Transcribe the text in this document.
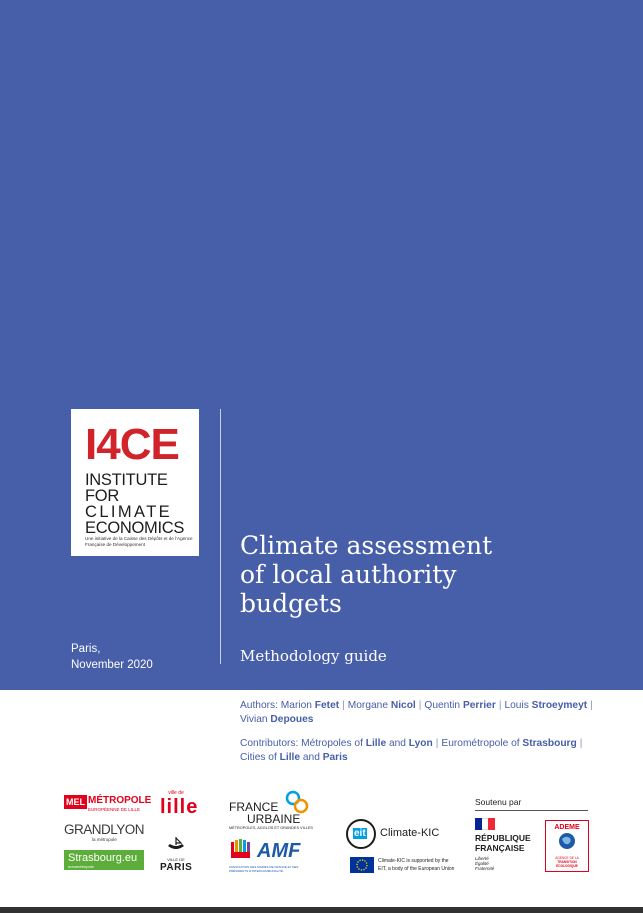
I4CE
INSTITUTE FOR
CLIMATE
ECONOMICS
Une initiative de la Caisse des Dépôts et de l'Agence Française de Développement
Paris,
November 2020
Climate assessment
of local authority
budgets
Methodology guide
Authors: Marion Fetet | Morgane Nicol | Quentin Perrier | Louis Stroeymeyt |
Vivian Depoues
Contributors: Métropoles of Lille and Lyon | Eurométropole of Strasbourg |
Cities of Lille and Paris
MEL MÉTROPOLE
EUROPÉENNE DE LILLE
ville de
lille
GRANDLYON
la métropole
Strasbourg.eu
eurométropole
VILLE DE
PARIS
FRANCE
URBAINE
MÉTROPOLES, AGGLOS ET GRANDES VILLES
AMF
ASSOCIATION DES MAIRES DE FRANCE ET DES PRÉSIDENTS D'INTERCOMMUNALITÉ
eit Climate-KIC
Climate-KIC is supported by the
EIT, a body of the European Union
Soutenu par
RÉPUBLIQUE
FRANÇAISE
Liberté
Égalité
Fraternité
ADEME
AGENCE DE LA
TRANSITION
ÉCOLOGIQUE
